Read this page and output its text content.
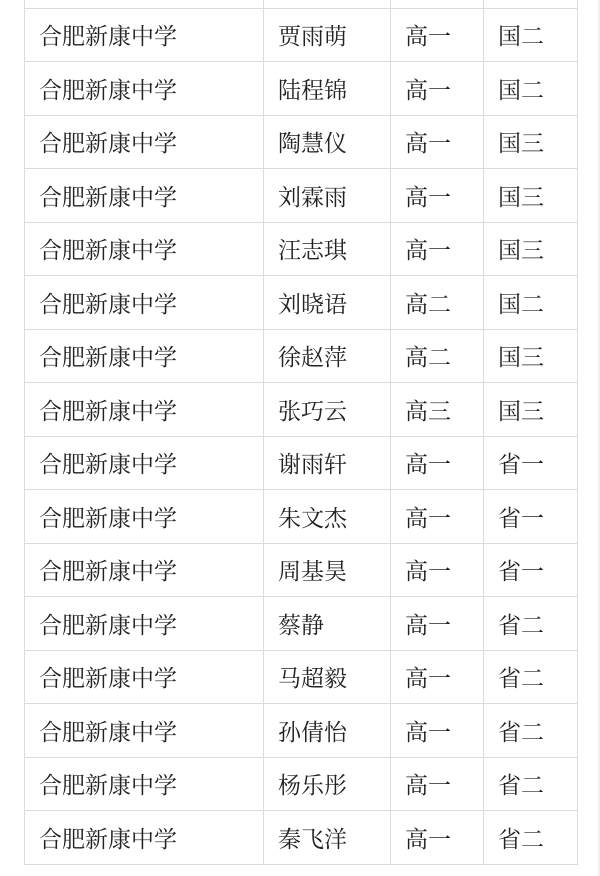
合肥新康中学	贾雨萌	高一	国二
合肥新康中学	陆程锦	高一	国二
合肥新康中学	陶慧仪	高一	国三
合肥新康中学	刘霖雨	高一	国三
合肥新康中学	汪志琪	高一	国三
合肥新康中学	刘晓语	高二	国二
合肥新康中学	徐赵萍	高二	国三
合肥新康中学	张巧云	高三	国三
合肥新康中学	谢雨轩	高一	省一
合肥新康中学	朱文杰	高一	省一
合肥新康中学	周基昊	高一	省一
合肥新康中学	蔡静	高一	省二
合肥新康中学	马超毅	高一	省二
合肥新康中学	孙倩怡	高一	省二
合肥新康中学	杨乐彤	高一	省二
合肥新康中学	秦飞洋	高一	省二
